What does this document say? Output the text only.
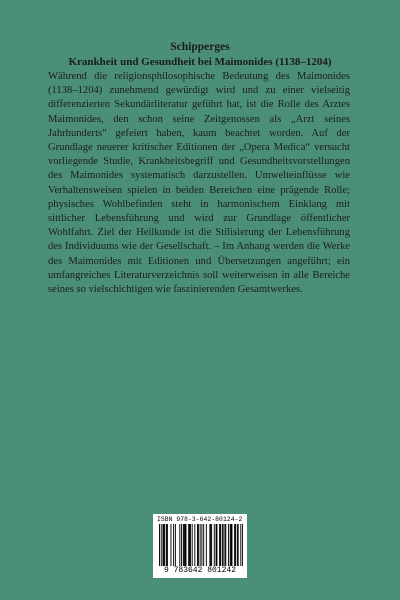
Schipperges
Krankheit und Gesundheit bei Maimonides (1138–1204)

Während die religionsphilosophische Bedeutung des Maimonides (1138–1204) zunehmend gewürdigt wird und zu einer vielseitig differenzierten Sekundärliteratur geführt hat, ist die Rolle des Arztes Maimonides, den schon seine Zeitgenossen als „Arzt seines Jahrhunderts“ gefeiert haben, kaum beachtet worden. Auf der Grundlage neuerer kritischer Editionen der „Opera Medica“ versucht vorliegende Studie, Krankheitsbegriff und Gesundheitsvorstellungen des Maimonides systematisch darzustellen. Umwelteinflüsse wie Verhaltensweisen spielen in beiden Bereichen eine prägende Rolle; physisches Wohlbefinden steht in harmonischem Einklang mit sittlicher Lebensführung und wird zur Grundlage öffentlicher Wohlfahrt. Ziel der Heilkunde ist die Stilisierung der Lebensführung des Individuums wie der Gesellschaft. – Im Anhang werden die Werke des Maimonides mit Editionen und Übersetzungen angeführt; ein umfangreiches Literaturverzeichnis soll weiterweisen in alle Bereiche seines so vielschichtigen wie faszinierenden Gesamtwerkes.

ISBN 978-3-642-80124-2
9 783642 801242
